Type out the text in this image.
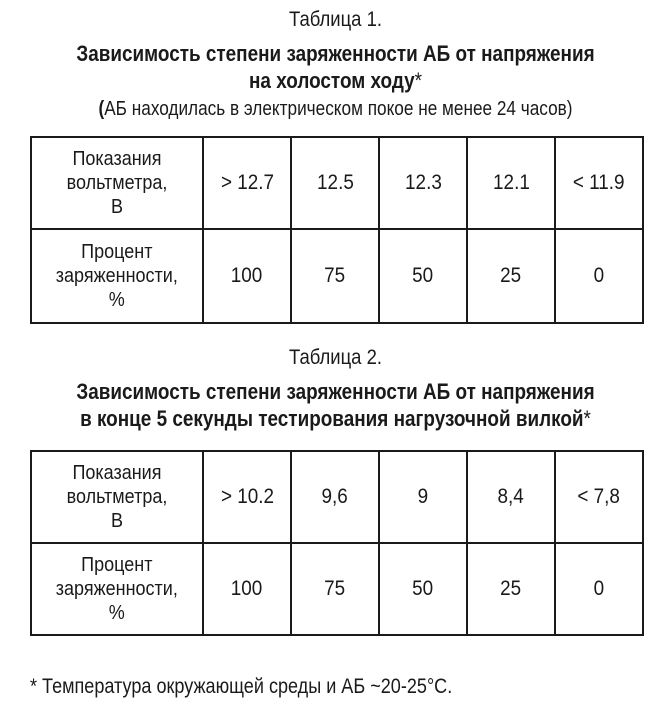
Таблица 1.
Зависимость степени заряженности АБ от напряжения
на холостом ходу*
(АБ находилась в электрическом покое не менее 24 часов)
Показания
вольтметра,
В	> 12.7	12.5	12.3	12.1	< 11.9
Процент
заряженности,
%	100	75	50	25	0
Таблица 2.
Зависимость степени заряженности АБ от напряжения
в конце 5 секунды тестирования нагрузочной вилкой*
Показания
вольтметра,
В	> 10.2	9,6	9	8,4	< 7,8
Процент
заряженности,
%	100	75	50	25	0
* Температура окружающей среды и АБ ~20-25°С.
